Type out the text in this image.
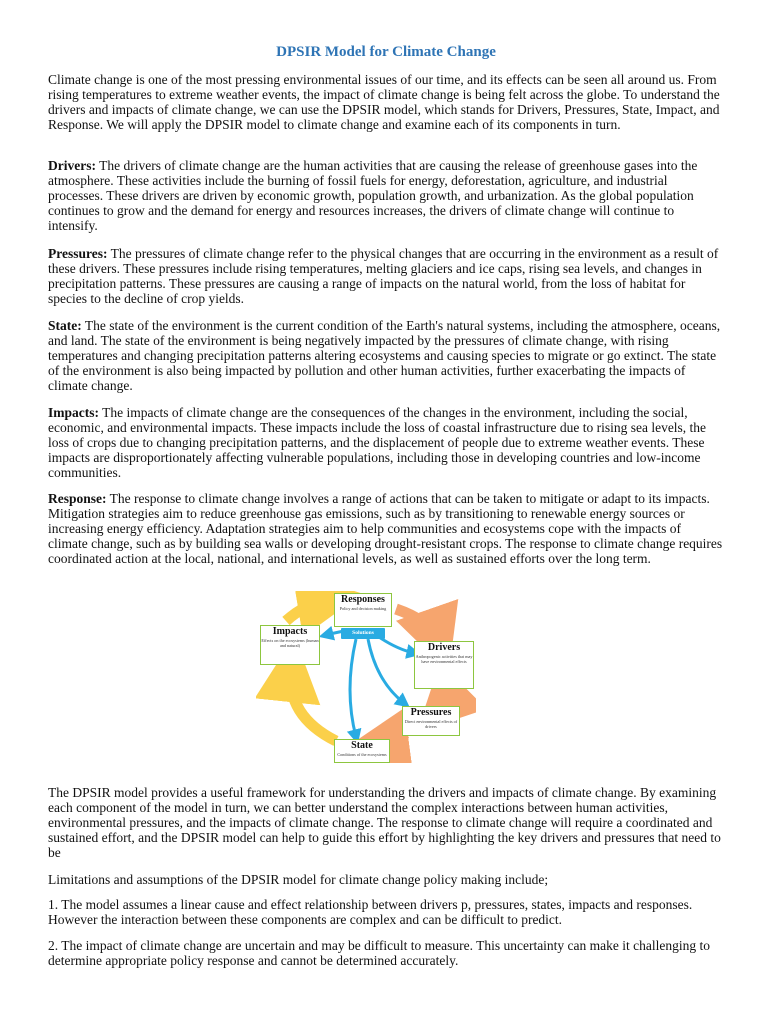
DPSIR Model for Climate Change

Climate change is one of the most pressing environmental issues of our time, and its effects can be seen all around us. From rising temperatures to extreme weather events, the impact of climate change is being felt across the globe. To understand the drivers and impacts of climate change, we can use the DPSIR model, which stands for Drivers, Pressures, State, Impact, and Response. We will apply the DPSIR model to climate change and examine each of its components in turn.

Drivers: The drivers of climate change are the human activities that are causing the release of greenhouse gases into the atmosphere. These activities include the burning of fossil fuels for energy, deforestation, agriculture, and industrial processes. These drivers are driven by economic growth, population growth, and urbanization. As the global population continues to grow and the demand for energy and resources increases, the drivers of climate change will continue to intensify.

Pressures: The pressures of climate change refer to the physical changes that are occurring in the environment as a result of these drivers. These pressures include rising temperatures, melting glaciers and ice caps, rising sea levels, and changes in precipitation patterns. These pressures are causing a range of impacts on the natural world, from the loss of habitat for species to the decline of crop yields.

State: The state of the environment is the current condition of the Earth's natural systems, including the atmosphere, oceans, and land. The state of the environment is being negatively impacted by the pressures of climate change, with rising temperatures and changing precipitation patterns altering ecosystems and causing species to migrate or go extinct. The state of the environment is also being impacted by pollution and other human activities, further exacerbating the impacts of climate change.

Impacts: The impacts of climate change are the consequences of the changes in the environment, including the social, economic, and environmental impacts. These impacts include the loss of coastal infrastructure due to rising sea levels, the loss of crops due to changing precipitation patterns, and the displacement of people due to extreme weather events. These impacts are disproportionately affecting vulnerable populations, including those in developing countries and low-income communities.

Response: The response to climate change involves a range of actions that can be taken to mitigate or adapt to its impacts. Mitigation strategies aim to reduce greenhouse gas emissions, such as by transitioning to renewable energy sources or increasing energy efficiency. Adaptation strategies aim to help communities and ecosystems cope with the impacts of climate change, such as by building sea walls or developing drought-resistant crops. The response to climate change requires coordinated action at the local, national, and international levels, as well as sustained efforts over the long term.

The DPSIR model provides a useful framework for understanding the drivers and impacts of climate change. By examining each component of the model in turn, we can better understand the complex interactions between human activities, environmental pressures, and the impacts of climate change. The response to climate change will require a coordinated and sustained effort, and the DPSIR model can help to guide this effort by highlighting the key drivers and pressures that need to be

Limitations and assumptions of the DPSIR model for climate change policy making include;

1. The model assumes a linear cause and effect relationship between drivers p, pressures, states, impacts and responses. However the interaction between these components are complex and can be difficult to predict.

2. The impact of climate change are uncertain and may be difficult to measure. This uncertainty can make it challenging to determine appropriate policy response and cannot be determined accurately.

Responses
Policy and decision making
Solutions
Impacts
Effects on the ecosystems (human and natural)	Drivers
Anthropogenic activities that may have environmental effects
Pressures
Direct environmental effects of drivers
State
Conditions of the ecosystems
